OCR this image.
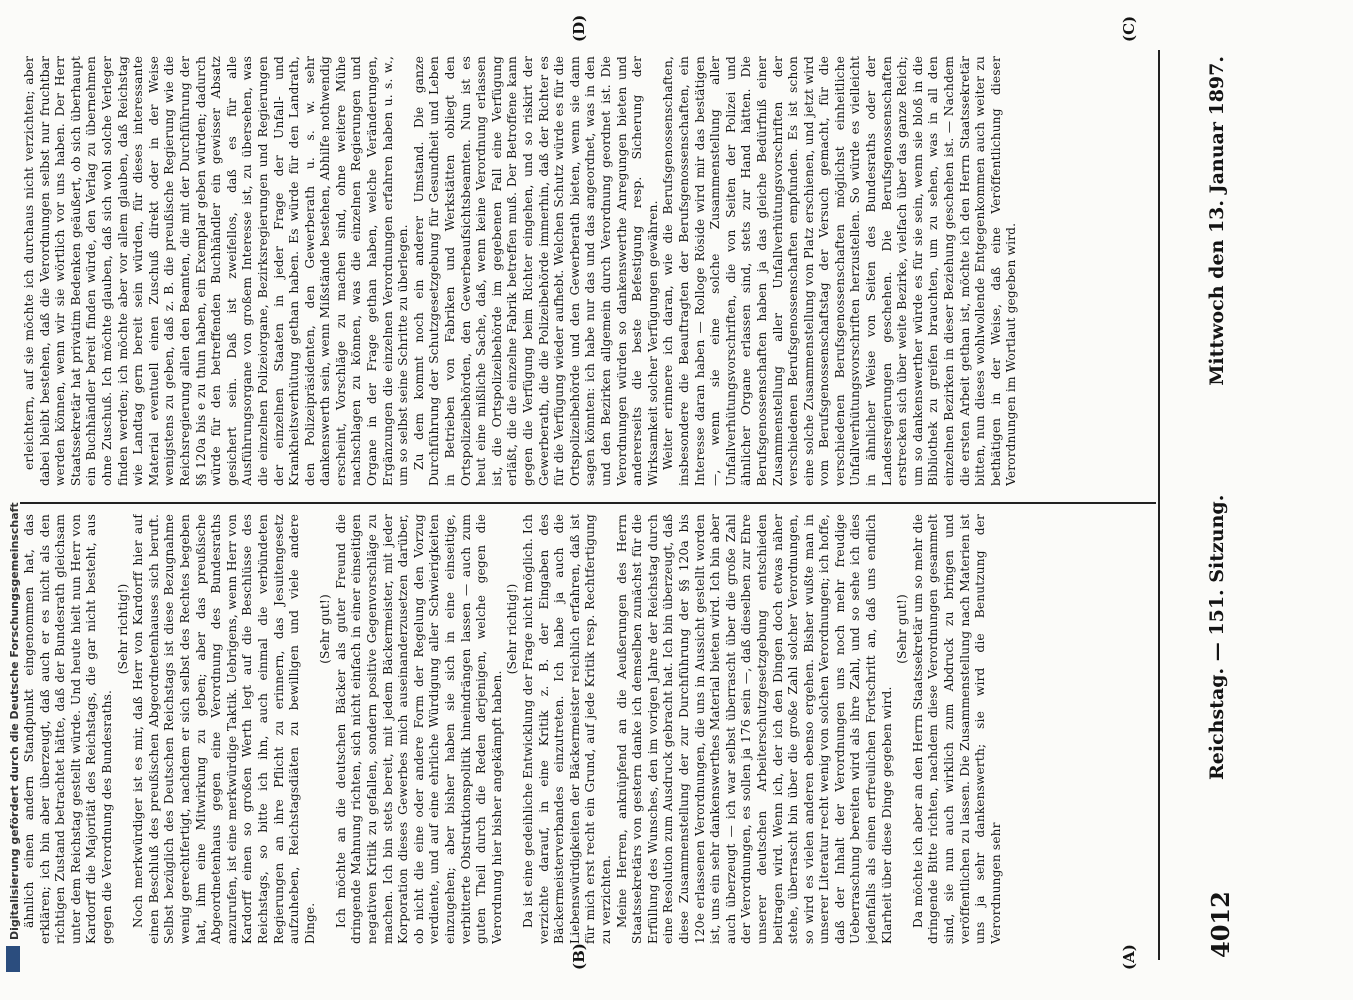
4012
Reichstag. — 151. Sitzung.
Mittwoch den 13. Januar 1897.
(A)
(B)
(C)
(D)

ähnlich einen andern Standpunkt eingenommen hat, das erklären; ich bin aber überzeugt, daß auch er es nicht als den richtigen Zustand betrachtet hätte, daß der Bundesrath gleichsam unter dem Reichstag gestellt würde. Und heute hielt nun Herr von Kardorff die Majorität des Reichstags, die gar nicht besteht, aus gegen die Verordnung des Bundesraths.

(Sehr richtig!) Noch merkwürdiger ist es mir, daß Herr von Kardorff hier auf einen Beschluß des preußischen Abgeordnetenhauses sich beruft. Selbst bezüglich des Deutschen Reichstags ist diese Bezugnahme wenig gerechtfertigt, nachdem er sich selbst des Rechtes begeben hat, ihm eine Mitwirkung zu geben; aber das preußische Abgeordnetenhaus gegen eine Verordnung des Bundesraths anzurufen, ist eine merkwürdige Taktik. Uebrigens, wenn Herr von Kardorff einen so großen Werth legt auf die Beschlüsse des Reichstags, so bitte ich ihn, auch einmal die verbündeten Regierungen an ihre Pflicht zu erinnern, das Jesuitengesetz aufzuheben, Reichstagsdiäten zu bewilligen und viele andere Dinge.

(Sehr gut!) Ich möchte an die deutschen Bäcker als guter Freund die dringende Mahnung richten, sich nicht einfach in einer einseitigen negativen Kritik zu gefallen, sondern positive Gegenvorschläge zu machen. Ich bin stets bereit, mit jedem Bäckermeister, mit jeder Korporation dieses Gewerbes mich auseinanderzusetzen darüber, ob nicht die eine oder andere Form der Regelung den Vorzug verdiente, und auf eine ehrliche Würdigung aller Schwierigkeiten einzugehen; aber bisher haben sie sich in eine einseitige, verbitterte Obstruktionspolitik hineindrängen lassen — auch zum guten Theil durch die Reden derjenigen, welche gegen die Verordnung hier bisher angekämpft haben.

(Sehr richtig!) Da ist eine gedeihliche Entwicklung der Frage nicht möglich. Ich verzichte darauf, in eine Kritik z. B. der Eingaben des Bäckermeisterverbandes einzutreten. Ich habe ja auch die Liebenswürdigkeiten der Bäckermeister reichlich erfahren, daß ist für mich erst recht ein Grund, auf jede Kritik resp. Rechtfertigung zu verzichten. Meine Herren, anknüpfend an die Aeußerungen des Herrn Staatssekretärs von gestern danke ich demselben zunächst für die Erfüllung des Wunsches, den im vorigen Jahre der Reichstag durch eine Resolution zum Ausdruck gebracht hat. Ich bin überzeugt, daß diese Zusammenstellung der zur Durchführung der §§ 120a bis 120e erlassenen Verordnungen, die uns in Aussicht gestellt worden ist, uns ein sehr dankenswerthes Material bieten wird. Ich bin aber auch überzeugt — ich war selbst überrascht über die große Zahl der Verordnungen, es sollen ja 176 sein —, daß dieselben zur Ehre unserer deutschen Arbeiterschutzgesetzgebung entschieden beitragen wird. Wenn ich, der ich den Dingen doch etwas näher stehe, überrascht bin über die große Zahl solcher Verordnungen, so wird es vielen anderen ebenso ergehen. Bisher wußte man in unserer Literatur recht wenig von solchen Verordnungen; ich hoffe, daß der Inhalt der Verordnungen uns noch mehr freudige Ueberraschung bereiten wird als ihre Zahl, und so sehe ich dies jedenfalls als einen erfreulichen Fortschritt an, daß uns endlich Klarheit über diese Dinge gegeben wird.

(Sehr gut!) Da möchte ich aber an den Herrn Staatssekretär um so mehr die dringende Bitte richten, nachdem diese Verordnungen gesammelt sind, sie nun auch wirklich zum Abdruck zu bringen und veröffentlichen zu lassen. Die Zusammenstellung nach Materien ist uns ja sehr dankenswerth; sie wird die Benutzung der Verordnungen sehr

erleichtern, auf sie möchte ich durchaus nicht verzichten; aber dabei bleibt bestehen, daß die Verordnungen selbst nur fruchtbar werden können, wenn wir sie wörtlich vor uns haben. Der Herr Staatssekretär hat privatim Bedenken geäußert, ob sich überhaupt ein Buchhändler bereit finden würde, den Verlag zu übernehmen ohne Zuschuß. Ich möchte glauben, daß sich wohl solche Verleger finden werden; ich möchte aber vor allem glauben, daß Reichstag wie Landtag gern bereit sein würden, für dieses interessante Material eventuell einen Zuschuß direkt oder in der Weise wenigstens zu geben, daß z. B. die preußische Regierung wie die Reichsregierung allen den Beamten, die mit der Durchführung der §§ 120a bis e zu thun haben, ein Exemplar geben würden; dadurch würde für den betreffenden Buchhändler ein gewisser Absatz gesichert sein. Daß ist zweifellos, daß es für alle Ausführungsorgane von großem Interesse ist, zu übersehen, was die einzelnen Polizeiorgane, Bezirksregierungen und Regierungen der einzelnen Staaten in jeder Frage der Unfall- und Krankheitsverhütung gethan haben. Es würde für den Landrath, den Polizeipräsidenten, den Gewerberath u. s. w. sehr dankenswerth sein, wenn Mißstände bestehen, Abhilfe nothwendig erscheint, Vorschläge zu machen sind, ohne weitere Mühe nachschlagen zu können, was die einzelnen Regierungen und Organe in der Frage gethan haben, welche Veränderungen, Ergänzungen die einzelnen Verordnungen erfahren haben u. s. w., um so selbst seine Schritte zu überlegen. Zu dem kommt noch ein anderer Umstand. Die ganze Durchführung der Schutzgesetzgebung für Gesundheit und Leben in Betrieben von Fabriken und Werkstätten obliegt den Ortspolizeibehörden, den Gewerbeaufsichtsbeamten. Nun ist es heut eine mißliche Sache, daß, wenn keine Verordnung erlassen ist, die Ortspolizeibehörde im gegebenen Fall eine Verfügung erläßt, die die einzelne Fabrik betreffen muß. Der Betroffene kann gegen die Verfügung beim Richter eingehen, und so riskirt der Gewerberath, die die Polizeibehörde immerhin, daß der Richter es für die Verfügung wieder aufhebt. Welchen Schutz würde es für die Ortspolizeibehörde und den Gewerberath bieten, wenn sie dann sagen könnten: ich habe nur das und das angeordnet, was in den und den Bezirken allgemein durch Verordnung geordnet ist. Die Verordnungen würden so dankenswerthe Anregungen bieten und andererseits die beste Befestigung resp. Sicherung der Wirksamkeit solcher Verfügungen gewähren. Weiter erinnere ich daran, wie die Berufsgenossenschaften, insbesondere die Beauftragten der Berufsgenossenschaften, ein Interesse daran haben — Rolloge Röside wird mir das bestätigen —, wenn sie eine solche Zusammenstellung aller Unfallverhütungsvorschriften, die von Seiten der Polizei und ähnlicher Organe erlassen sind, stets zur Hand hätten. Die Berufsgenossenschaften haben ja das gleiche Bedürfniß einer Zusammenstellung aller Unfallverhütungsvorschriften der verschiedenen Berufsgenossenschaften empfunden. Es ist schon eine solche Zusammenstellung von Platz erschienen, und jetzt wird vom Berufsgenossenschaftstag der Versuch gemacht, für die verschiedenen Berufsgenossenschaften möglichst einheitliche Unfallverhütungsvorschriften herzustellen. So würde es vielleicht in ähnlicher Weise von Seiten des Bundesraths oder der Landesregierungen geschehen. Die Berufsgenossenschaften erstrecken sich über weite Bezirke, vielfach über das ganze Reich; um so dankenswerther würde es für sie sein, wenn sie bloß in die Bibliothek zu greifen brauchten, um zu sehen, was in all den einzelnen Bezirken in dieser Beziehung geschehen ist. — Nachdem die ersten Arbeit gethan ist, möchte ich den Herrn Staatssekretär bitten, nun dieses wohlwollende Entgegenkommen auch weiter zu bethätigen in der Weise, daß eine Veröffentlichung dieser Verordnungen im Wortlaut gegeben wird.

Digitalisierung gefördert durch die Deutsche Forschungsgemeinschaft
